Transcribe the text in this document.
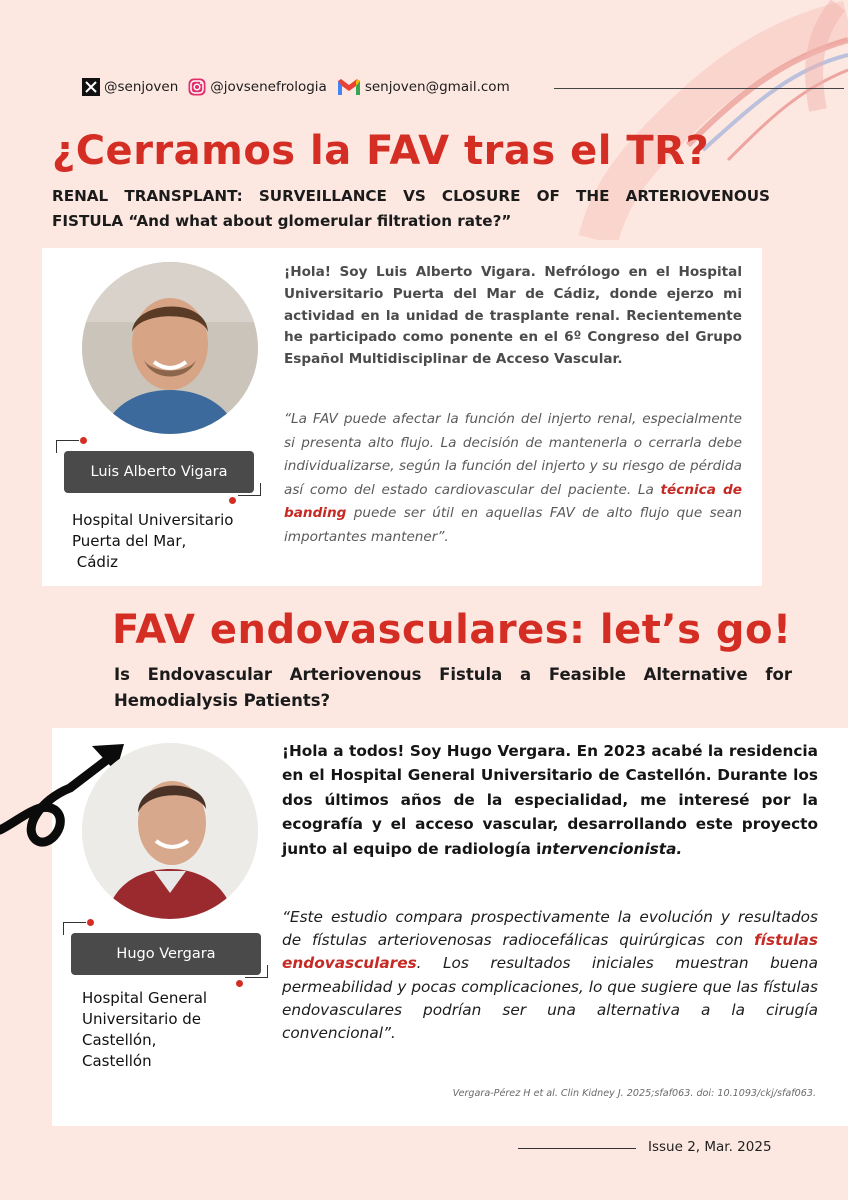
@senjoven @jovsenefrologia	senjoven@gmail.com
¿Cerramos la FAV tras el TR?

RENAL TRANSPLANT: SURVEILLANCE VS CLOSURE OF THE ARTERIOVENOUS FISTULA “And what about glomerular filtration rate?”

Luis Alberto Vigara
Hospital Universitario
Puerta del Mar,
Cádiz

¡Hola! Soy Luis Alberto Vigara. Nefrólogo en el Hospital Universitario Puerta del Mar de Cádiz, donde ejerzo mi actividad en la unidad de trasplante renal. Recientemente he participado como ponente en el 6º Congreso del Grupo Español Multidisciplinar de Acceso Vascular.

“La FAV puede afectar la función del injerto renal, especialmente si presenta alto flujo. La decisión de mantenerla o cerrarla debe individualizarse, según la función del injerto y su riesgo de pérdida así como del estado cardiovascular del paciente. La técnica de banding puede ser útil en aquellas FAV de alto flujo que sean importantes mantener”.

FAV endovasculares: let’s go!

Is Endovascular Arteriovenous Fistula a Feasible Alternative for Hemodialysis Patients?

Hugo Vergara
Hospital General
Universitario de
Castellón,
Castellón

¡Hola a todos! Soy Hugo Vergara. En 2023 acabé la residencia en el Hospital General Universitario de Castellón. Durante los dos últimos años de la especialidad, me interesé por la ecografía y el acceso vascular, desarrollando este proyecto junto al equipo de radiología intervencionista.

“Este estudio compara prospectivamente la evolución y resultados de fístulas arteriovenosas radiocefálicas quirúrgicas con fístulas endovasculares. Los resultados iniciales muestran buena permeabilidad y pocas complicaciones, lo que sugiere que las fístulas endovasculares podrían ser una alternativa a la cirugía convencional”.

Vergara-Pérez H et al. Clin Kidney J. 2025;sfaf063. doi: 10.1093/ckj/sfaf063.
Issue 2, Mar. 2025
